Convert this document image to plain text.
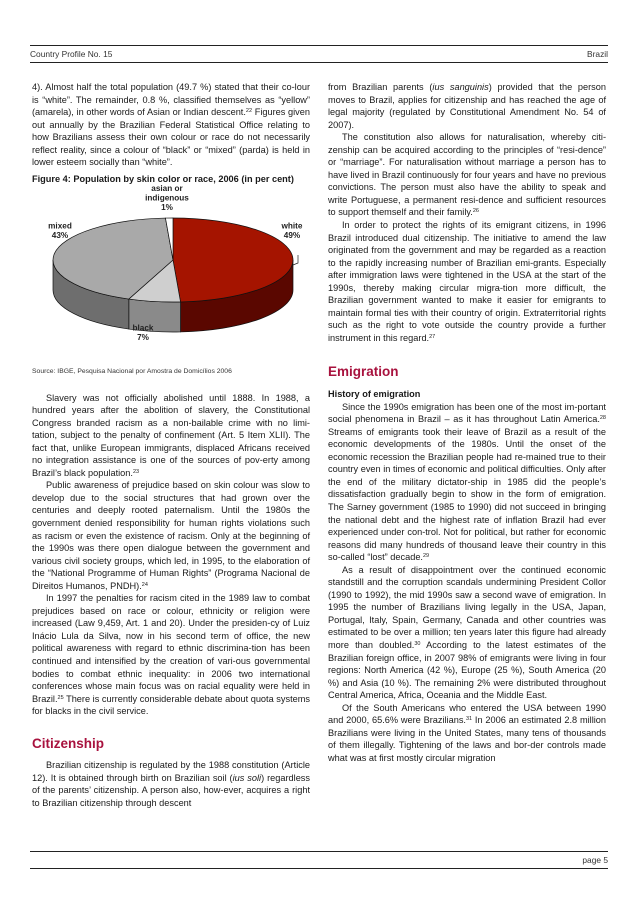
Country Profile No. 15	Brazil

4). Almost half the total population (49.7 %) stated that their co-lour is “white”. The remainder, 0.8 %, classified themselves as “yellow” (amarela), in other words of Asian or Indian descent.$^{22}$ Figures given out annually by the Brazilian Federal Statistical Office relating to how Brazilians assess their own colour or race do not necessarily reflect reality, since a colour of “black” or “mixed” (parda) is held in lower esteem socially than “white”.

Figure 4: Population by skin color or race, 2006 (in per cent)
white
49%
black
7%
mixed
43%
asian or
indigenous
1%
Source: IBGE, Pesquisa Nacional por Amostra de Domicílios 2006

Slavery was not officially abolished until 1888. In 1988, a hundred years after the abolition of slavery, the Constitutional Congress branded racism as a non-bailable crime with no limi-tation, subject to the penalty of confinement (Art. 5 Item XLII). The fact that, unlike European immigrants, displaced Africans received no integration assistance is one of the sources of pov-erty among Brazil’s black population.$^{23}$

Public awareness of prejudice based on skin colour was slow to develop due to the social structures that had grown over the centuries and deeply rooted paternalism. Until the 1980s the government denied responsibility for human rights violations such as racism or even the existence of racism. Only at the beginning of the 1990s was there open dialogue between the government and various civil society groups, which led, in 1995, to the elaboration of the “National Programme of Human Rights” (Programa Nacional de Direitos Humanos, PNDH).$^{24}$

In 1997 the penalties for racism cited in the 1989 law to combat prejudices based on race or colour, ethnicity or religion were increased (Law 9,459, Art. 1 and 20). Under the presiden-cy of Luiz Inácio Lula da Silva, now in his second term of office, the new political awareness with regard to ethnic discrimina-tion has been continued and intensified by the creation of vari-ous governmental bodies to combat ethnic inequality: in 2006 two international conferences whose main focus was on racial equality were held in Brazil.$^{25}$ There is currently considerable debate about quota systems for blacks in the civil service.

Citizenship

Brazilian citizenship is regulated by the 1988 constitution (Article 12). It is obtained through birth on Brazilian soil (ius soli) regardless of the parents’ citizenship. A person also, how-ever, acquires a right to Brazilian citizenship through descent

from Brazilian parents (ius sanguinis) provided that the person moves to Brazil, applies for citizenship and has reached the age of legal majority (regulated by Constitutional Amendment No. 54 of 2007).

The constitution also allows for naturalisation, whereby citi-zenship can be acquired according to the principles of “resi-dence” or “marriage”. For naturalisation without marriage a person has to have lived in Brazil continuously for four years and have no previous convictions. The person must also have the ability to speak and write Portuguese, a permanent resi-dence and sufficient resources to support themself and their family.$^{26}$

In order to protect the rights of its emigrant citizens, in 1996 Brazil introduced dual citizenship. The initiative to amend the law originated from the government and may be regarded as a reaction to the rapidly increasing number of Brazilian emi-grants. Especially after immigration laws were tightened in the USA at the start of the 1990s, thereby making circular migra-tion more difficult, the Brazilian government wanted to make it easier for emigrants to maintain formal ties with their country of origin. Extraterritorial rights such as the right to vote outside the country provide a further instrument in this regard.$^{27}$

Emigration
History of emigration

Since the 1990s emigration has been one of the most im-portant social phenomena in Brazil – as it has throughout Latin America.$^{28}$ Streams of emigrants took their leave of Brazil as a result of the economic developments of the 1980s. Until the onset of the economic recession the Brazilian people had re-mained true to their country even in times of economic and political difficulties. Only after the end of the military dictator-ship in 1985 did the people’s dissatisfaction gradually begin to show in the form of emigration. The Sarney government (1985 to 1990) did not succeed in bringing the national debt and the highest rate of inflation Brazil had ever experienced under con-trol. Not for political, but rather for economic reasons did many hundreds of thousand leave their country in this so-called “lost” decade.$^{29}$

As a result of disappointment over the continued economic standstill and the corruption scandals undermining President Collor (1990 to 1992), the mid 1990s saw a second wave of emigration. In 1995 the number of Brazilians living legally in the USA, Japan, Portugal, Italy, Spain, Germany, Canada and other countries was estimated to be over a million; ten years later this figure had already more than doubled.$^{30}$ According to the latest estimates of the Brazilian foreign office, in 2007 98% of emigrants were living in four regions: North America (42 %), Europe (25 %), South America (20 %) and Asia (10 %). The remaining 2% were distributed throughout Central America, Africa, Oceania and the Middle East.

Of the South Americans who entered the USA between 1990 and 2000, 65.6% were Brazilians.$^{31}$ In 2006 an estimated 2.8 million Brazilians were living in the United States, many tens of thousands of them illegally. Tightening of the laws and bor-der controls made what was at first mostly circular migration

page 5
